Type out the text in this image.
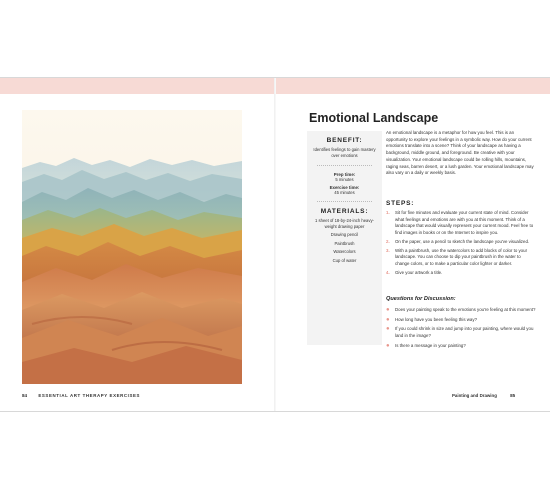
Emotional Landscape
BENEFIT:
Identifies feelings to gain mastery over emotions
Prep time:
5 minutes
Exercise time:
45 minutes
MATERIALS:
1 sheet of 18-by-24-inch heavy-weight drawing paper
Drawing pencil
Paintbrush
Watercolors
Cup of water

An emotional landscape is a metaphor for how you feel. This is an opportunity to explore your feelings in a symbolic way. How do your current emotions translate into a scene? Think of your landscape as having a background, middle ground, and foreground. Be creative with your visualization. Your emotional landscape could be rolling hills, mountains, raging seas, barren desert, or a lush garden. Your emotional landscape may also vary on a daily or weekly basis.

STEPS:
1. Sit for five minutes and evaluate your current state of mind. Consider what feelings and emotions are with you at this moment. Think of a landscape that would visually represent your current mood. Feel free to find images in books or on the Internet to inspire you.
2. On the paper, use a pencil to sketch the landscape you've visualized.
3. With a paintbrush, use the watercolors to add blocks of color to your landscape. You can choose to dip your paintbrush in the water to change colors, or to make a particular color lighter or darker.
4. Give your artwork a title.
Questions for Discussion:
● Does your painting speak to the emotions you're feeling at this moment?
● How long have you been feeling this way?
● If you could shrink in size and jump into your painting, where would you land in the image?
● Is there a message in your painting?
84	ESSENTIAL ART THERAPY EXERCISES	Painting and Drawing	85
